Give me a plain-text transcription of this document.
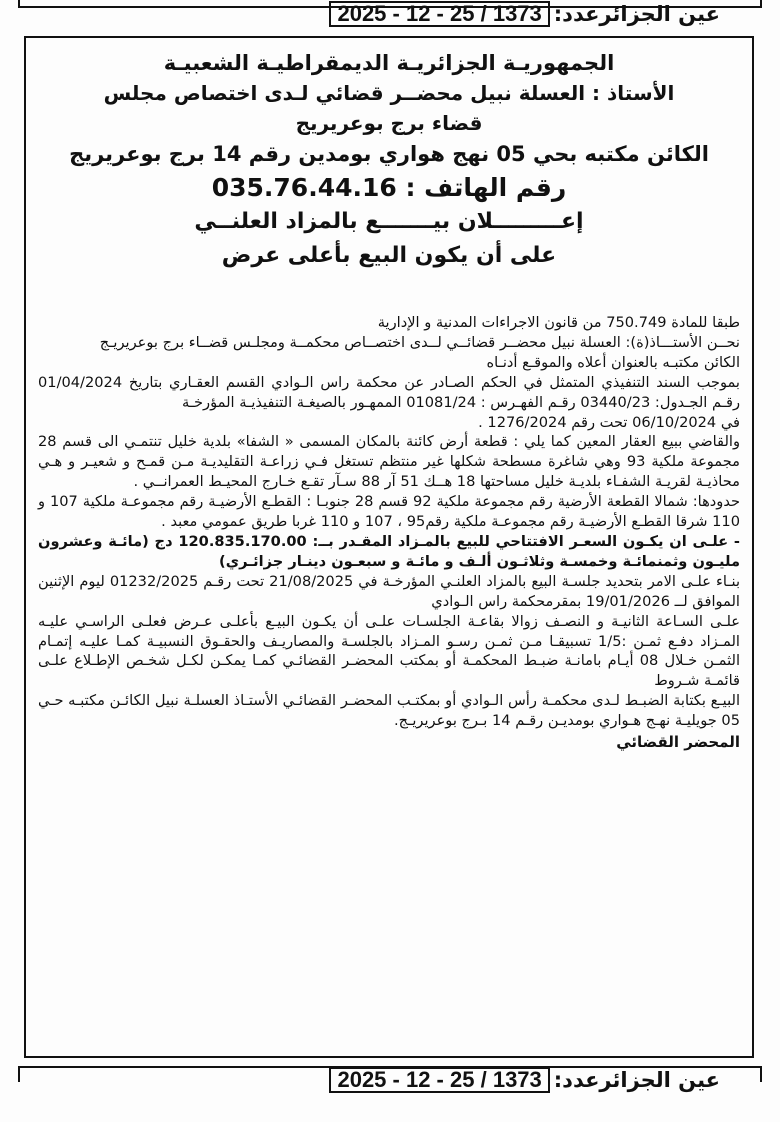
عين الجزائرعدد:
2025 - 12 - 25 / 1373
الجمهوريـة الجزائريـة الديمقراطيـة الشعبيـة
الأستاذ : العسلة نبيل محضــر قضائي لـدى اختصاص مجلس
قضاء برج بوعريريج
الكائن مكتبه بحي 05 نهج هواري بومدين رقم 14 برج بوعريريج
رقم الهاتف : 035.76.44.16
إعـــــــــلان بيـــــــع بالمزاد العلنــي
على أن يكون البيع بأعلى عرض

طبقا للمادة 750.749 من قانون الاجراءات المدنية و الإدارية

نحــن الأستـــاذ(ة): العسلة نبيل محضــر قضائــي لــدى اختصــاص محكمــة ومجلـس قضــاء برج بوعريريـج

الكائن مكتبـه بالعنوان أعلاه والموقـع أدنـاه

بموجب السند التنفيذي المتمثل في الحكم الصـادر عن محكمة راس الـوادي القسم العقـاري بتاريخ 01/04/2024 رقـم الجـدول: 03440/23 رقـم الفهـرس : 01081/24 الممهـور بالصيغـة التنفيذيـة المؤرخـة

في 06/10/2024 تحت رقم 1276/2024 .

والقاضي ببيع العقار المعين كما يلي : قطعة أرض كائنة بالمكان المسمى « الشفا» بلدية خليل تنتمـي الى قسم 28 مجموعة ملكية 93 وهي شاغرة مسطحة شكلها غير منتظم تستغل فـي زراعـة التقليديـة مـن قمـح و شعيـر و هـي محاذيـة لقريـة الشفـاء بلديـة خليل مساحتها 18 هــك 51 آر 88 سـآر تقـع خـارج المحيـط العمرانــي .

حدودها: شمالا القطعة الأرضية رقم مجموعة ملكية 92 قسم 28 جنوبـا : القطـع الأرضيـة رقم مجموعـة ملكية 107 و 110 شرقا القطـع الأرضيـة رقم مجموعـة ملكية رقم95 ، 107 و 110 غربا طريق عمومي معبد .

- علـى ان يكـون السعـر الافتتاحي للبيع بالمـزاد المقـدر بــ: 120.835.170.00 دج (مائـة وعشرون مليـون وثمنمائـة وخمسـة وثلاثـون ألـف و مائـة و سبعـون دينـار جزائـري)

بنـاء علـى الامر بتحديد جلسـة البيع بالمزاد العلنـي المؤرخـة في 21/08/2025 تحت رقـم 01232/2025 ليوم الإثنين الموافق لــ 19/01/2026 بمقرمحكمة راس الـوادي

علـى السـاعة الثانيـة و النصـف زوالا بقاعـة الجلسـات علـى أن يكـون البيـع بأعلـى عـرض فعلـى الراسـي عليـه المـزاد دفـع ثمـن :1/5 تسبيقـا مـن ثمـن رسـو المـزاد بالجلسـة والمصاريـف والحقـوق النسبيـة كمـا عليـه إتمـام الثمـن خـلال 08 أيـام بامانـة ضبـط المحكمـة أو بمكتب المحضـر القضائـي كمـا يمكـن لكـل شخـص الإطـلاع علـى قائمـة شـروط

البيـع بكتابة الضبـط لـدى محكمـة رأس الـوادي أو بمكتـب المحضـر القضائـي الأستـاذ العسلـة نبيل الكائـن مكتبـه حـي 05 جويليـة نهـج هـواري بومديـن رقـم 14 بـرج بوعريريـج.

المحضر القضائي
عين الجزائرعدد:
2025 - 12 - 25 / 1373
